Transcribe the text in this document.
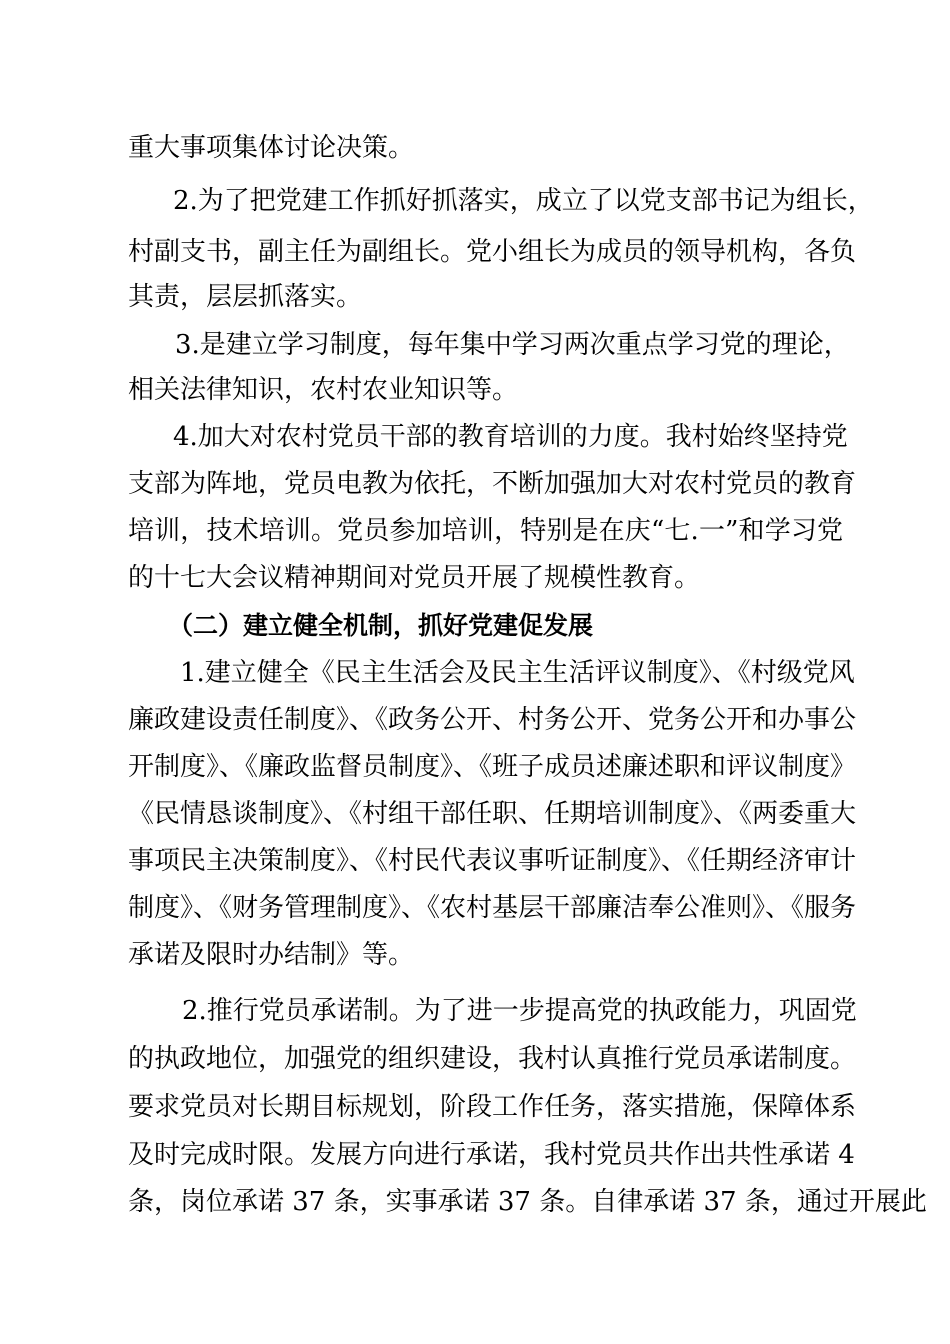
重大事项集体讨论决策。
2.为了把党建工作抓好抓落实，成立了以党支部书记为组长，
村副支书，副主任为副组长。党小组长为成员的领导机构，各负
其责，层层抓落实。
3.是建立学习制度，每年集中学习两次重点学习党的理论，
相关法律知识，农村农业知识等。
4.加大对农村党员干部的教育培训的力度。我村始终坚持党
支部为阵地，党员电教为依托，不断加强加大对农村党员的教育
培训，技术培训。党员参加培训，特别是在庆“七.一”和学习党
的十七大会议精神期间对党员开展了规模性教育。
（二）建立健全机制，抓好党建促发展
1.建立健全《民主生活会及民主生活评议制度》、《村级党风
廉政建设责任制度》、《政务公开、村务公开、党务公开和办事公
开制度》、《廉政监督员制度》、《班子成员述廉述职和评议制度》
《民情恳谈制度》、《村组干部任职、任期培训制度》、《两委重大
事项民主决策制度》、《村民代表议事听证制度》、《任期经济审计
制度》、《财务管理制度》、《农村基层干部廉洁奉公准则》、《服务
承诺及限时办结制》等。
2.推行党员承诺制。为了进一步提高党的执政能力，巩固党
的执政地位，加强党的组织建设，我村认真推行党员承诺制度。
要求党员对长期目标规划，阶段工作任务，落实措施，保障体系
及时完成时限。发展方向进行承诺，我村党员共作出共性承诺 4
条，岗位承诺 37 条，实事承诺 37 条。自律承诺 37 条，通过开展此
